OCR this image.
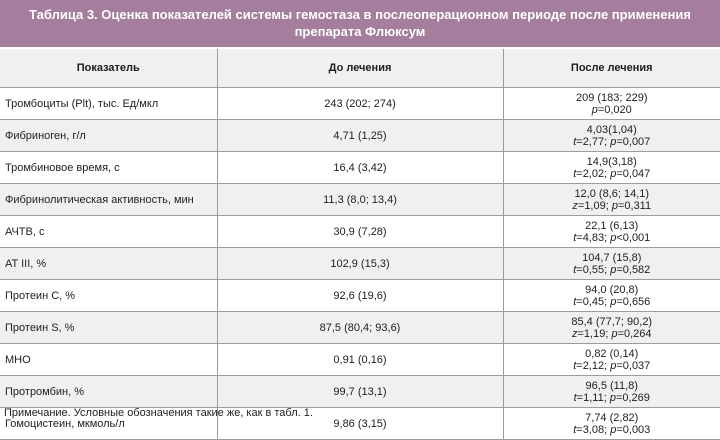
Таблица 3. Оценка показателей системы гемостаза в послеоперационном периоде после применения препарата Флюксум
Показатель	До лечения	После лечения
Тромбоциты (Plt), тыс. Ед/мкл	243 (202; 274)	209 (183; 229)
p=0,020

Фибриноген, г/л	4,71 (1,25)	4,03(1,04)
t=2,77; p=0,007

Тромбиновое время, с	16,4 (3,42)	14,9(3,18)
t=2,02; p=0,047

Фибринолитическая активность, мин	11,3 (8,0; 13,4)	12,0 (8,6; 14,1)
z=1,09; p=0,311

АЧТВ, с	30,9 (7,28)	22,1 (6,13)
t=4,83; p<0,001

AT III, %	102,9 (15,3)	104,7 (15,8)
t=0,55; p=0,582

Протеин C, %	92,6 (19,6)	94,0 (20,8)
t=0,45; p=0,656

Протеин S, %	87,5 (80,4; 93,6)	85,4 (77,7; 90,2)
z=1,19; p=0,264

МНО	0,91 (0,16)	0,82 (0,14)
t=2,12; p=0,037

Протромбин, %	99,7 (13,1)	96,5 (11,8)
t=1,11; p=0,269

Гомоцистеин, мкмоль/л	9,86 (3,15)	7,74 (2,82)
t=3,08; p=0,003
Примечание. Условные обозначения такие же, как в табл. 1.
